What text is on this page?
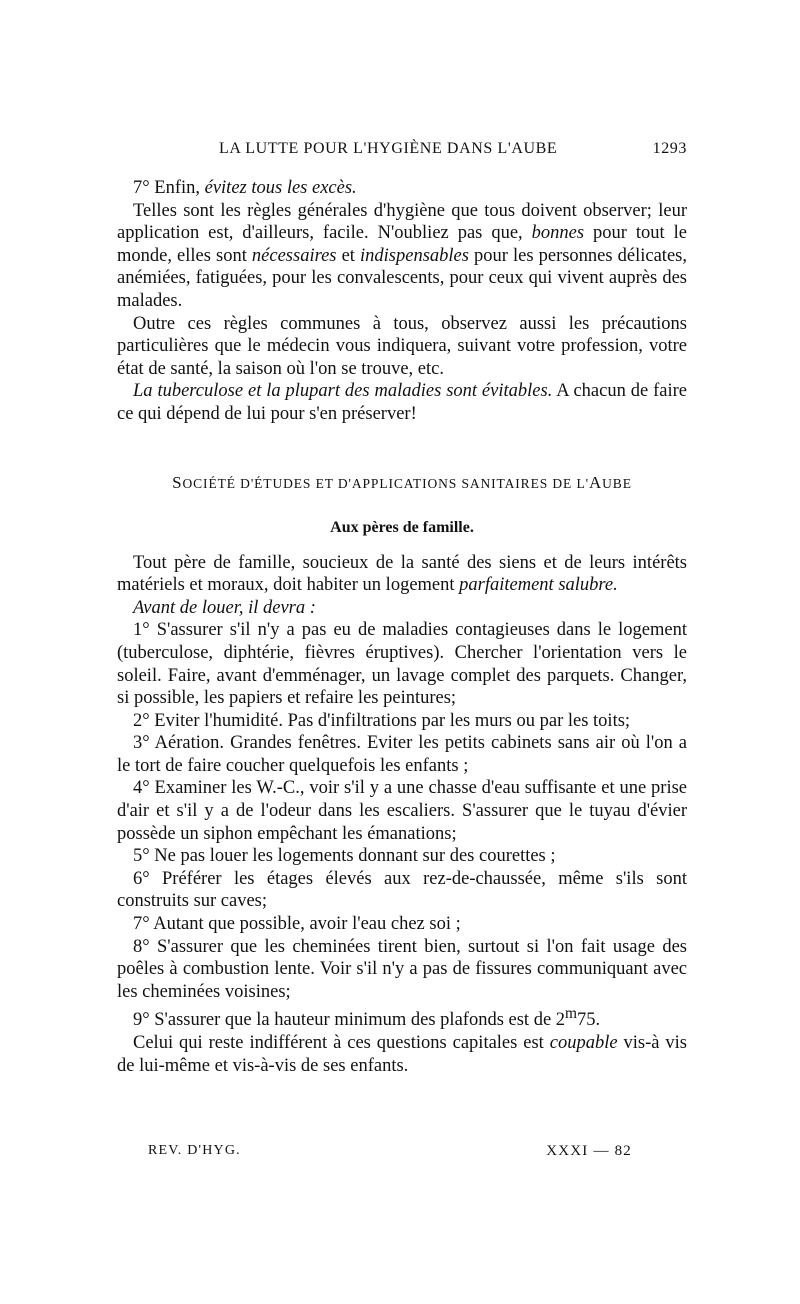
LA LUTTE POUR L'HYGIÈNE DANS L'AUBE	1293

7° Enfin, évitez tous les excès.

Telles sont les règles générales d'hygiène que tous doivent observer; leur application est, d'ailleurs, facile. N'oubliez pas que, bonnes pour tout le monde, elles sont nécessaires et indispensables pour les personnes délicates, anémiées, fatiguées, pour les convalescents, pour ceux qui vivent auprès des malades.

Outre ces règles communes à tous, observez aussi les précautions particulières que le médecin vous indiquera, suivant votre profession, votre état de santé, la saison où l'on se trouve, etc.

La tuberculose et la plupart des maladies sont évitables. A chacun de faire ce qui dépend de lui pour s'en préserver!

SOCIÉTÉ D'ÉTUDES ET D'APPLICATIONS SANITAIRES DE L'AUBE
Aux pères de famille.

Tout père de famille, soucieux de la santé des siens et de leurs intérêts matériels et moraux, doit habiter un logement parfaitement salubre.

Avant de louer, il devra :

1° S'assurer s'il n'y a pas eu de maladies contagieuses dans le logement (tuberculose, diphtérie, fièvres éruptives). Chercher l'orientation vers le soleil. Faire, avant d'emménager, un lavage complet des parquets. Changer, si possible, les papiers et refaire les peintures;

2° Eviter l'humidité. Pas d'infiltrations par les murs ou par les toits;

3° Aération. Grandes fenêtres. Eviter les petits cabinets sans air où l'on a le tort de faire coucher quelquefois les enfants ;

4° Examiner les W.-C., voir s'il y a une chasse d'eau suffisante et une prise d'air et s'il y a de l'odeur dans les escaliers. S'assurer que le tuyau d'évier possède un siphon empêchant les émanations;

5° Ne pas louer les logements donnant sur des courettes ;

6° Préférer les étages élevés aux rez-de-chaussée, même s'ils sont construits sur caves;

7° Autant que possible, avoir l'eau chez soi ;

8° S'assurer que les cheminées tirent bien, surtout si l'on fait usage des poêles à combustion lente. Voir s'il n'y a pas de fissures communiquant avec les cheminées voisines;

9° S'assurer que la hauteur minimum des plafonds est de 2$^m$75.

Celui qui reste indifférent à ces questions capitales est coupable vis-à vis de lui-même et vis-à-vis de ses enfants.

REV. D'HYG.	XXXI — 82
